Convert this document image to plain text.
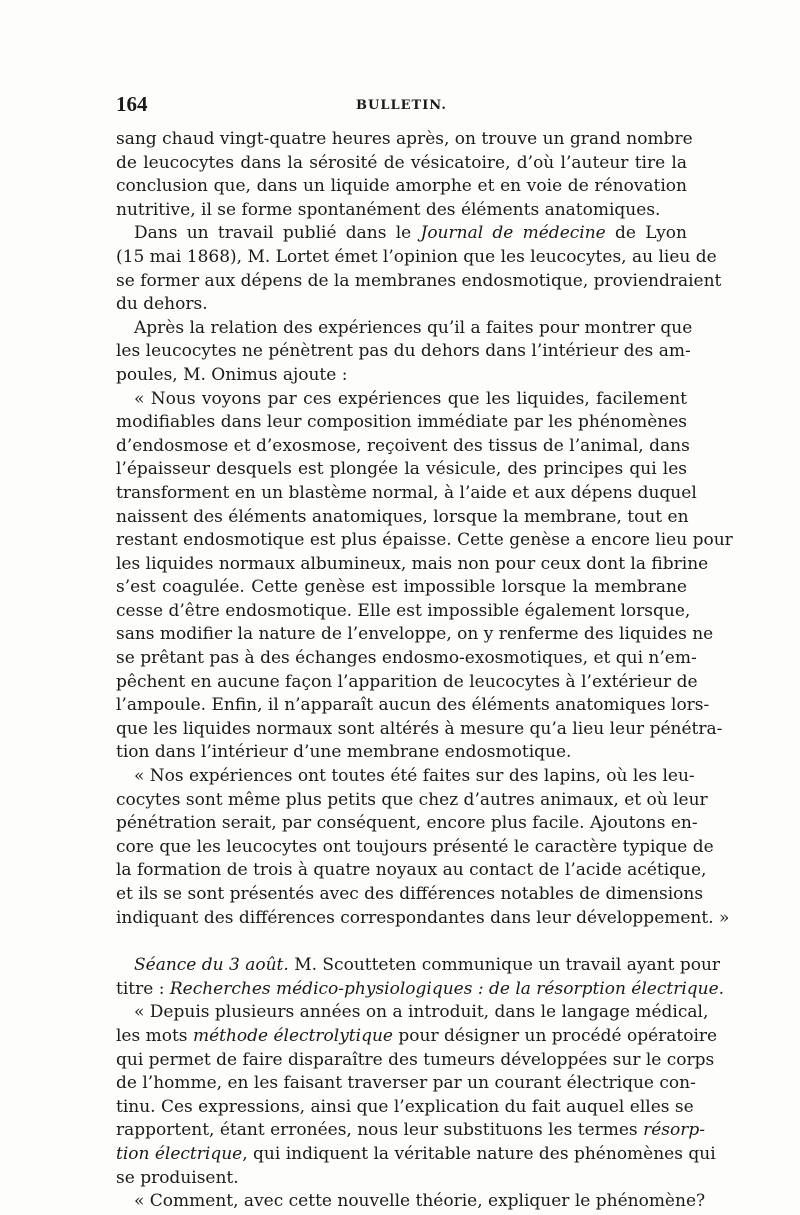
164	BULLETIN.
sang chaud vingt-quatre heures après, on trouve un grand nombre
de leucocytes dans la sérosité de vésicatoire, d’où l’auteur tire la
conclusion que, dans un liquide amorphe et en voie de rénovation
nutritive, il se forme spontanément des éléments anatomiques.
Dans un travail publié dans le Journal de médecine de Lyon
(15 mai 1868), M. Lortet émet l’opinion que les leucocytes, au lieu de
se former aux dépens de la membranes endosmotique, proviendraient
du dehors.
Après la relation des expériences qu’il a faites pour montrer que
les leucocytes ne pénètrent pas du dehors dans l’intérieur des am-
poules, M. Onimus ajoute :
« Nous voyons par ces expériences que les liquides, facilement
modifiables dans leur composition immédiate par les phénomènes
d’endosmose et d’exosmose, reçoivent des tissus de l’animal, dans
l’épaisseur desquels est plongée la vésicule, des principes qui les
transforment en un blastème normal, à l’aide et aux dépens duquel
naissent des éléments anatomiques, lorsque la membrane, tout en
restant endosmotique est plus épaisse. Cette genèse a encore lieu pour
les liquides normaux albumineux, mais non pour ceux dont la fibrine
s’est coagulée. Cette genèse est impossible lorsque la membrane
cesse d’être endosmotique. Elle est impossible également lorsque,
sans modifier la nature de l’enveloppe, on y renferme des liquides ne
se prêtant pas à des échanges endosmo-exosmotiques, et qui n’em-
pêchent en aucune façon l’apparition de leucocytes à l’extérieur de
l’ampoule. Enfin, il n’apparaît aucun des éléments anatomiques lors-
que les liquides normaux sont altérés à mesure qu’a lieu leur pénétra-
tion dans l’intérieur d’une membrane endosmotique.
« Nos expériences ont toutes été faites sur des lapins, où les leu-
cocytes sont même plus petits que chez d’autres animaux, et où leur
pénétration serait, par conséquent, encore plus facile. Ajoutons en-
core que les leucocytes ont toujours présenté le caractère typique de
la formation de trois à quatre noyaux au contact de l’acide acétique,
et ils se sont présentés avec des différences notables de dimensions
indiquant des différences correspondantes dans leur développement. »
Séance du 3 août. M. Scoutteten communique un travail ayant pour
titre : Recherches médico-physiologiques : de la résorption électrique.
« Depuis plusieurs années on a introduit, dans le langage médical,
les mots méthode électrolytique pour désigner un procédé opératoire
qui permet de faire disparaître des tumeurs développées sur le corps
de l’homme, en les faisant traverser par un courant électrique con-
tinu. Ces expressions, ainsi que l’explication du fait auquel elles se
rapportent, étant erronées, nous leur substituons les termes résorp-
tion électrique, qui indiquent la véritable nature des phénomènes qui
se produisent.
« Comment, avec cette nouvelle théorie, expliquer le phénomène?
